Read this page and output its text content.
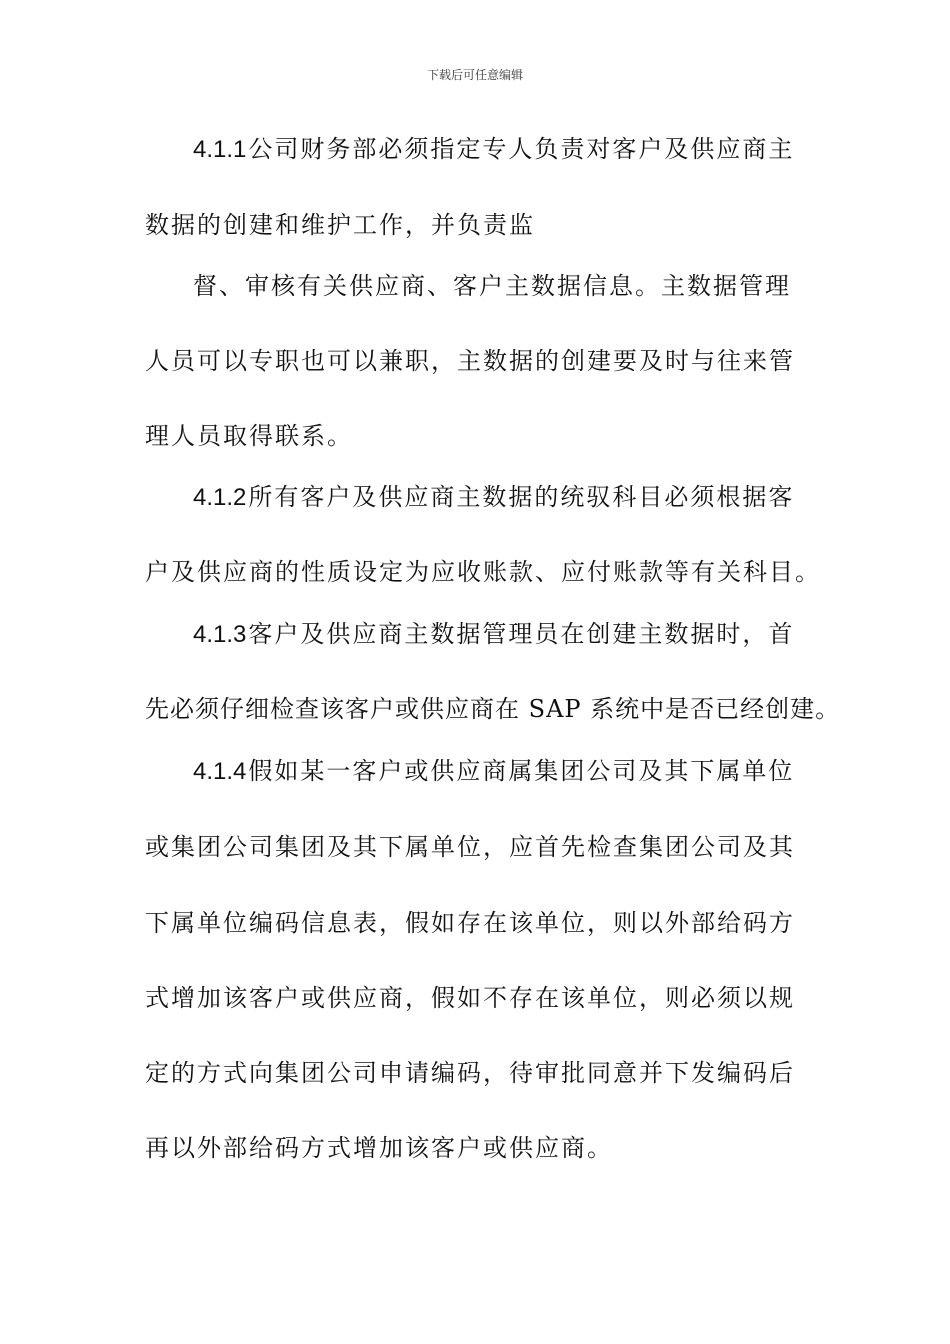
下载后可任意编辑
4.1.1公司财务部必须指定专人负责对客户及供应商主
数据的创建和维护工作，并负责监
督、审核有关供应商、客户主数据信息。主数据管理
人员可以专职也可以兼职，主数据的创建要及时与往来管
理人员取得联系。
4.1.2所有客户及供应商主数据的统驭科目必须根据客
户及供应商的性质设定为应收账款、应付账款等有关科目。
4.1.3客户及供应商主数据管理员在创建主数据时，首
先必须仔细检查该客户或供应商在 SAP 系统中是否已经创建。
4.1.4假如某一客户或供应商属集团公司及其下属单位
或集团公司集团及其下属单位，应首先检查集团公司及其
下属单位编码信息表，假如存在该单位，则以外部给码方
式增加该客户或供应商，假如不存在该单位，则必须以规
定的方式向集团公司申请编码，待审批同意并下发编码后
再以外部给码方式增加该客户或供应商。
